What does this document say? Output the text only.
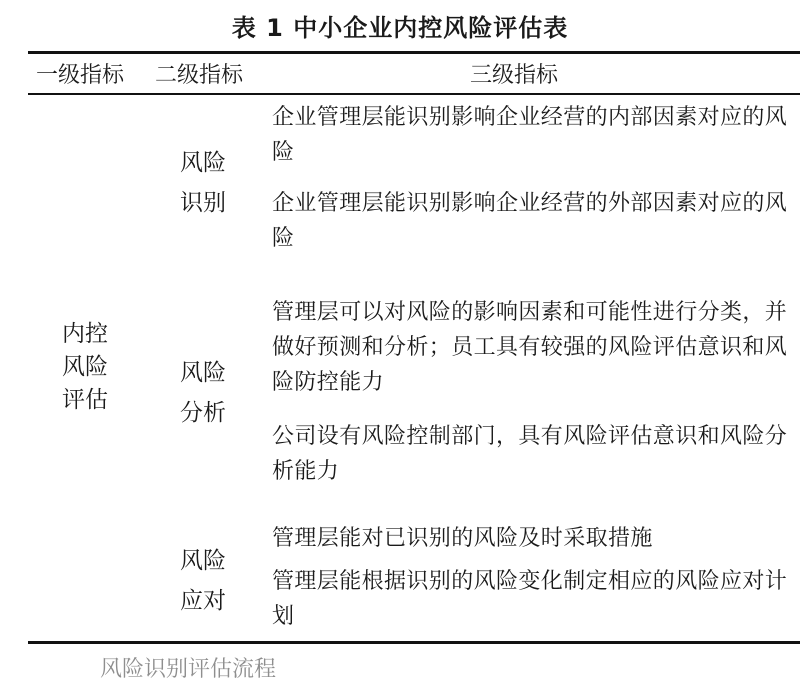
表 1 中小企业内控风险评估表
一级指标 二级指标	三级指标
内控
风险
评估
风险
识别
风险
分析
风险
应对
企业管理层能识别影响企业经营的内部因素对应的风险
企业管理层能识别影响企业经营的外部因素对应的风险
管理层可以对风险的影响因素和可能性进行分类，并做好预测和分析；员工具有较强的风险评估意识和风险防控能力
公司设有风险控制部门，具有风险评估意识和风险分析能力
管理层能对已识别的风险及时采取措施
管理层能根据识别的风险变化制定相应的风险应对计划
风险识别评估流程
